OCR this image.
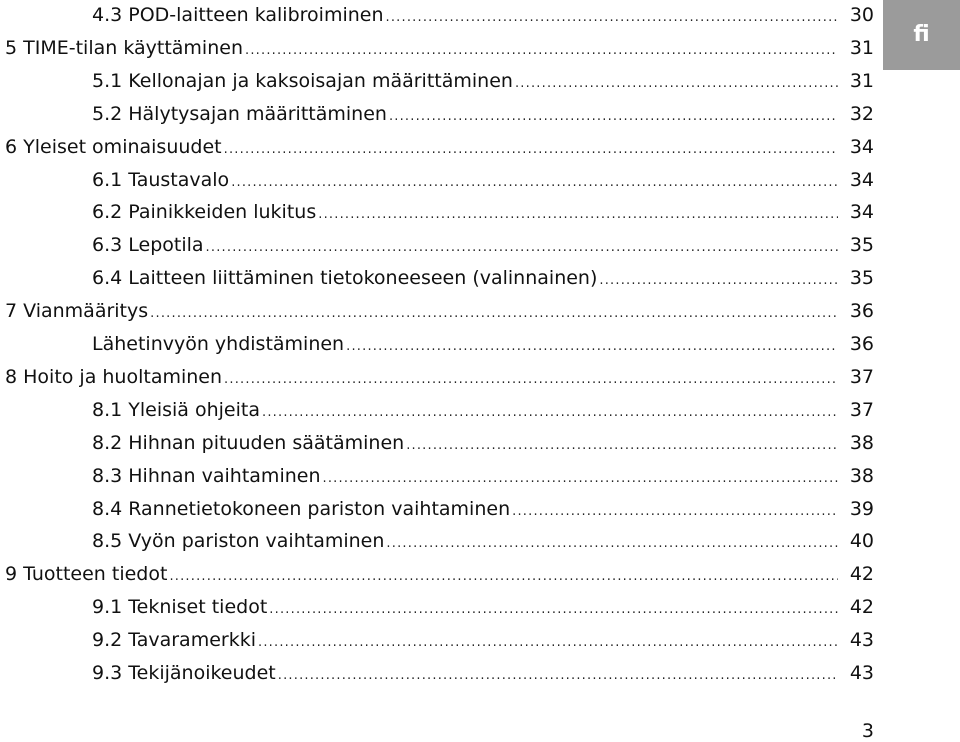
4.3 POD-laitteen kalibroiminen .....	30
5 TIME-tilan käyttäminen .....	31
5.1 Kellonajan ja kaksoisajan määrittäminen .....	31
5.2 Hälytysajan määrittäminen .....	32
6 Yleiset ominaisuudet .....	34
6.1 Taustavalo .....	34
6.2 Painikkeiden lukitus .....	34
6.3 Lepotila .....	35
6.4 Laitteen liittäminen tietokoneeseen (valinnainen) .....	35
7 Vianmääritys .....	36
Lähetinvyön yhdistäminen .....	36
8 Hoito ja huoltaminen .....	37
8.1 Yleisiä ohjeita .....	37
8.2 Hihnan pituuden säätäminen .....	38
8.3 Hihnan vaihtaminen .....	38
8.4 Rannetietokoneen pariston vaihtaminen .....	39
8.5 Vyön pariston vaihtaminen .....	40
9 Tuotteen tiedot .....	42
9.1 Tekniset tiedot .....	42
9.2 Tavaramerkki .....	43
9.3 Tekijänoikeudet .....	43
fi
3
